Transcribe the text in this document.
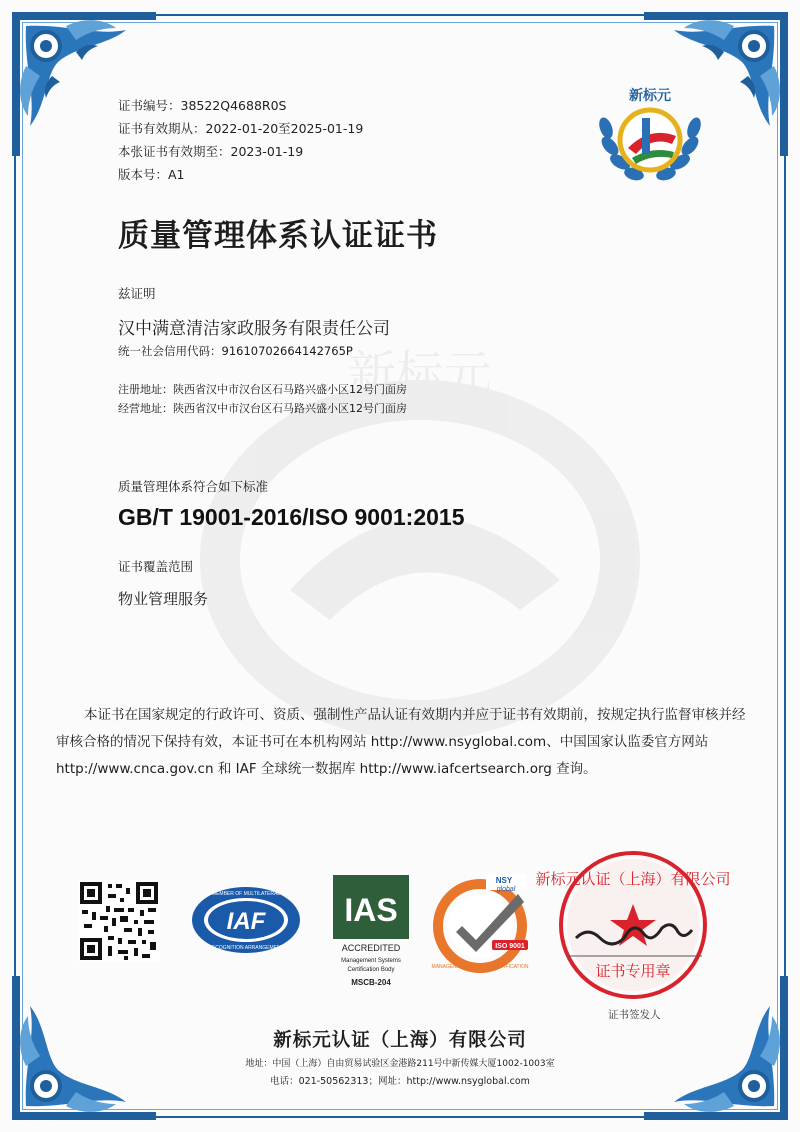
新标元
证书编号：38522Q4688R0S
证书有效期从：2022-01-20至2025-01-19
本张证书有效期至：2023-01-19
版本号：A1
新标元
质量管理体系认证证书
兹证明
汉中满意清洁家政服务有限责任公司
统一社会信用代码：91610702664142765P
注册地址：陕西省汉中市汉台区石马路兴盛小区12号门面房
经营地址：陕西省汉中市汉台区石马路兴盛小区12号门面房
质量管理体系符合如下标准
GB/T 19001-2016/ISO 9001:2015
证书覆盖范围
物业管理服务
本证书在国家规定的行政许可、资质、强制性产品认证有效期内并应于证书有效期前，按规定执行监督审核并经审核合格的情况下保持有效，本证书可在本机构网站 http://www.nsyglobal.com、中国国家认监委官方网站 http://www.cnca.gov.cn 和 IAF 全球统一数据库 http://www.iafcertsearch.org 查询。
IAF
MEMBER OF MULTILATERAL
RECOGNITION ARRANGEMENT
IAS
ACCREDITED
Management Systems
Certification Body
MSCB-204
NSY
global
ISO 9001
MANAGEMENT SYSTEM CERTIFICATION
新标元认证（上海）有限公司
证书专用章
证书签发人
新标元认证（上海）有限公司
地址：中国（上海）自由贸易试验区金港路211号中新传媒大厦1002-1003室
电话：021-50562313；网址：http://www.nsyglobal.com
